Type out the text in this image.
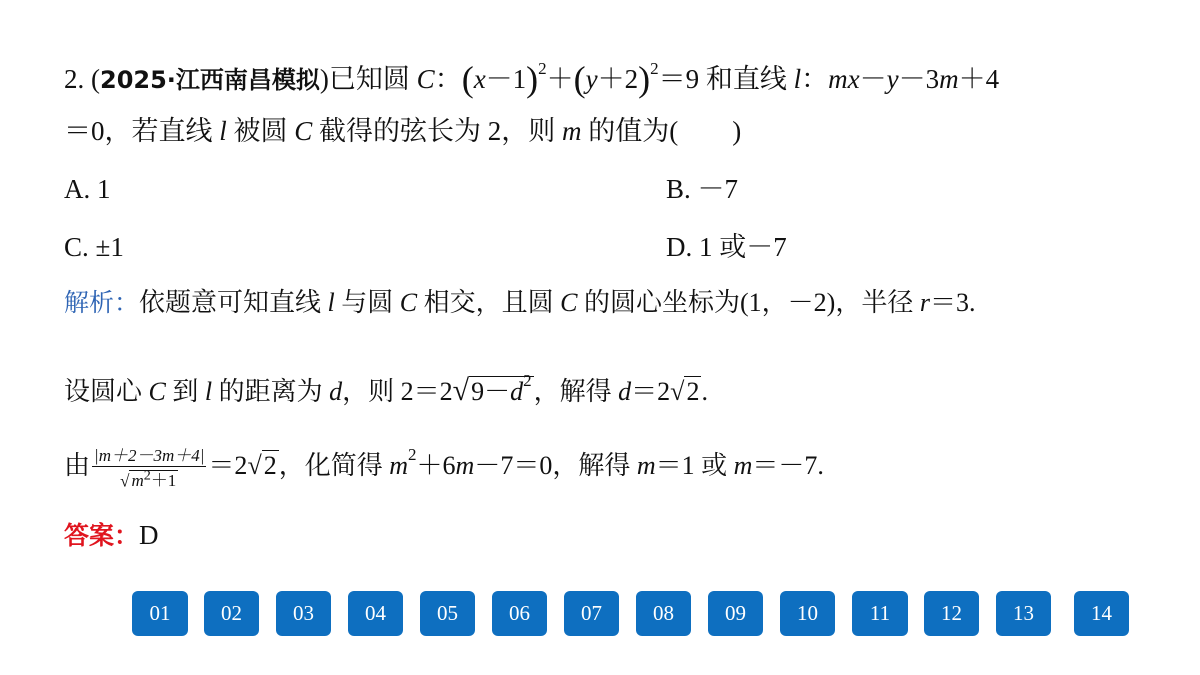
2. (2025·江西南昌模拟)已知圆 C：$(x-1)^2+(y+2)^2=9$ 和直线 l：mx－y－3m＋4
＝0，若直线 l 被圆 C 截得的弦长为 2，则 m 的值为(　　)
A. 1	B. －7
C. ±1	D. 1 或－7
解析：依题意可知直线 l 与圆 C 相交，且圆 C 的圆心坐标为(1，－2)，半径 r＝3.
设圆心 C 到 l 的距离为 d，则 $2=2√9-d^2$，解得 d＝2√2.
由 $\frac{|m+2-3m+4|}{√ m^2+1} =2√2$，化简得 $m^2+6m-7=0$，解得 m＝1 或 m＝－7.
答案：D
01	02	03	04	05	06	07	08	09	10	11	12	13	14
